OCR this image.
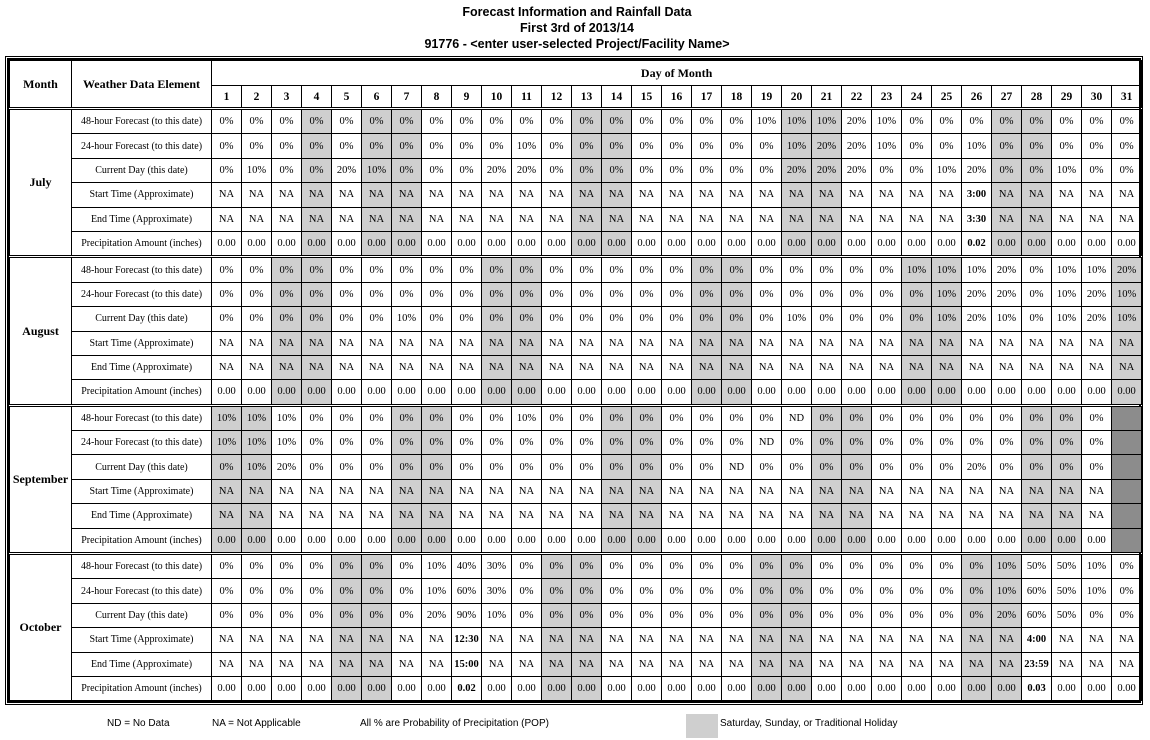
Forecast Information and Rainfall Data
First 3rd of 2013/14
91776 - <enter user-selected Project/Facility Name>
Month	Weather Data Element	Day of Month																														
		1	2	3	4	5	6	7	8	9	10	11	12	13	14	15	16	17	18	19	20	21	22	23	24	25	26	27	28	29	30	31
July	48-hour Forecast (to this date)	0%	0%	0%	0%	0%	0%	0%	0%	0%	0%	0%	0%	0%	0%	0%	0%	0%	0%	10%	10%	10%	20%	10%	0%	0%	0%	0%	0%	0%	0%	0%
	24-hour Forecast (to this date)	0%	0%	0%	0%	0%	0%	0%	0%	0%	0%	10%	0%	0%	0%	0%	0%	0%	0%	0%	10%	20%	20%	10%	0%	0%	10%	0%	0%	0%	0%	0%
	Current Day (this date)	0%	10%	0%	0%	20%	10%	0%	0%	0%	20%	20%	0%	0%	0%	0%	0%	0%	0%	0%	20%	20%	20%	0%	0%	10%	20%	0%	0%	10%	0%	0%
	Start Time (Approximate)	NA	NA	NA	NA	NA	NA	NA	NA	NA	NA	NA	NA	NA	NA	NA	NA	NA	NA	NA	NA	NA	NA	NA	NA	NA	3:00	NA	NA	NA	NA	NA
	End Time (Approximate)	NA	NA	NA	NA	NA	NA	NA	NA	NA	NA	NA	NA	NA	NA	NA	NA	NA	NA	NA	NA	NA	NA	NA	NA	NA	3:30	NA	NA	NA	NA	NA
	Precipitation Amount (inches)	0.00	0.00	0.00	0.00	0.00	0.00	0.00	0.00	0.00	0.00	0.00	0.00	0.00	0.00	0.00	0.00	0.00	0.00	0.00	0.00	0.00	0.00	0.00	0.00	0.00	0.02	0.00	0.00	0.00	0.00	0.00
August	48-hour Forecast (to this date)	0%	0%	0%	0%	0%	0%	0%	0%	0%	0%	0%	0%	0%	0%	0%	0%	0%	0%	0%	0%	0%	0%	0%	10%	10%	10%	20%	0%	10%	10%	20%
	24-hour Forecast (to this date)	0%	0%	0%	0%	0%	0%	0%	0%	0%	0%	0%	0%	0%	0%	0%	0%	0%	0%	0%	0%	0%	0%	0%	0%	10%	20%	20%	0%	10%	20%	10%
	Current Day (this date)	0%	0%	0%	0%	0%	0%	10%	0%	0%	0%	0%	0%	0%	0%	0%	0%	0%	0%	0%	10%	0%	0%	0%	0%	10%	20%	10%	0%	10%	20%	10%
	Start Time (Approximate)	NA	NA	NA	NA	NA	NA	NA	NA	NA	NA	NA	NA	NA	NA	NA	NA	NA	NA	NA	NA	NA	NA	NA	NA	NA	NA	NA	NA	NA	NA	NA
	End Time (Approximate)	NA	NA	NA	NA	NA	NA	NA	NA	NA	NA	NA	NA	NA	NA	NA	NA	NA	NA	NA	NA	NA	NA	NA	NA	NA	NA	NA	NA	NA	NA	NA
	Precipitation Amount (inches)	0.00	0.00	0.00	0.00	0.00	0.00	0.00	0.00	0.00	0.00	0.00	0.00	0.00	0.00	0.00	0.00	0.00	0.00	0.00	0.00	0.00	0.00	0.00	0.00	0.00	0.00	0.00	0.00	0.00	0.00	0.00
September	48-hour Forecast (to this date)	10%	10%	10%	0%	0%	0%	0%	0%	0%	0%	10%	0%	0%	0%	0%	0%	0%	0%	0%	ND	0%	0%	0%	0%	0%	0%	0%	0%	0%	0%	
	24-hour Forecast (to this date)	10%	10%	10%	0%	0%	0%	0%	0%	0%	0%	0%	0%	0%	0%	0%	0%	0%	0%	ND	0%	0%	0%	0%	0%	0%	0%	0%	0%	0%	0%	
	Current Day (this date)	0%	10%	20%	0%	0%	0%	0%	0%	0%	0%	0%	0%	0%	0%	0%	0%	0%	ND	0%	0%	0%	0%	0%	0%	0%	20%	0%	0%	0%	0%	
	Start Time (Approximate)	NA	NA	NA	NA	NA	NA	NA	NA	NA	NA	NA	NA	NA	NA	NA	NA	NA	NA	NA	NA	NA	NA	NA	NA	NA	NA	NA	NA	NA	NA	
	End Time (Approximate)	NA	NA	NA	NA	NA	NA	NA	NA	NA	NA	NA	NA	NA	NA	NA	NA	NA	NA	NA	NA	NA	NA	NA	NA	NA	NA	NA	NA	NA	NA	
	Precipitation Amount (inches)	0.00	0.00	0.00	0.00	0.00	0.00	0.00	0.00	0.00	0.00	0.00	0.00	0.00	0.00	0.00	0.00	0.00	0.00	0.00	0.00	0.00	0.00	0.00	0.00	0.00	0.00	0.00	0.00	0.00	0.00	
October	48-hour Forecast (to this date)	0%	0%	0%	0%	0%	0%	0%	10%	40%	30%	0%	0%	0%	0%	0%	0%	0%	0%	0%	0%	0%	0%	0%	0%	0%	0%	10%	50%	50%	10%	0%
	24-hour Forecast (to this date)	0%	0%	0%	0%	0%	0%	0%	10%	60%	30%	0%	0%	0%	0%	0%	0%	0%	0%	0%	0%	0%	0%	0%	0%	0%	0%	10%	60%	50%	10%	0%
	Current Day (this date)	0%	0%	0%	0%	0%	0%	0%	20%	90%	10%	0%	0%	0%	0%	0%	0%	0%	0%	0%	0%	0%	0%	0%	0%	0%	0%	20%	60%	50%	0%	0%
	Start Time (Approximate)	NA	NA	NA	NA	NA	NA	NA	NA	12:30	NA	NA	NA	NA	NA	NA	NA	NA	NA	NA	NA	NA	NA	NA	NA	NA	NA	NA	4:00	NA	NA	NA
	End Time (Approximate)	NA	NA	NA	NA	NA	NA	NA	NA	15:00	NA	NA	NA	NA	NA	NA	NA	NA	NA	NA	NA	NA	NA	NA	NA	NA	NA	NA	23:59	NA	NA	NA
	Precipitation Amount (inches)	0.00	0.00	0.00	0.00	0.00	0.00	0.00	0.00	0.02	0.00	0.00	0.00	0.00	0.00	0.00	0.00	0.00	0.00	0.00	0.00	0.00	0.00	0.00	0.00	0.00	0.00	0.00	0.03	0.00	0.00	0.00
ND = No Data	NA = Not Applicable	All % are Probability of Precipitation (POP)	Saturday, Sunday, or Traditional Holiday
